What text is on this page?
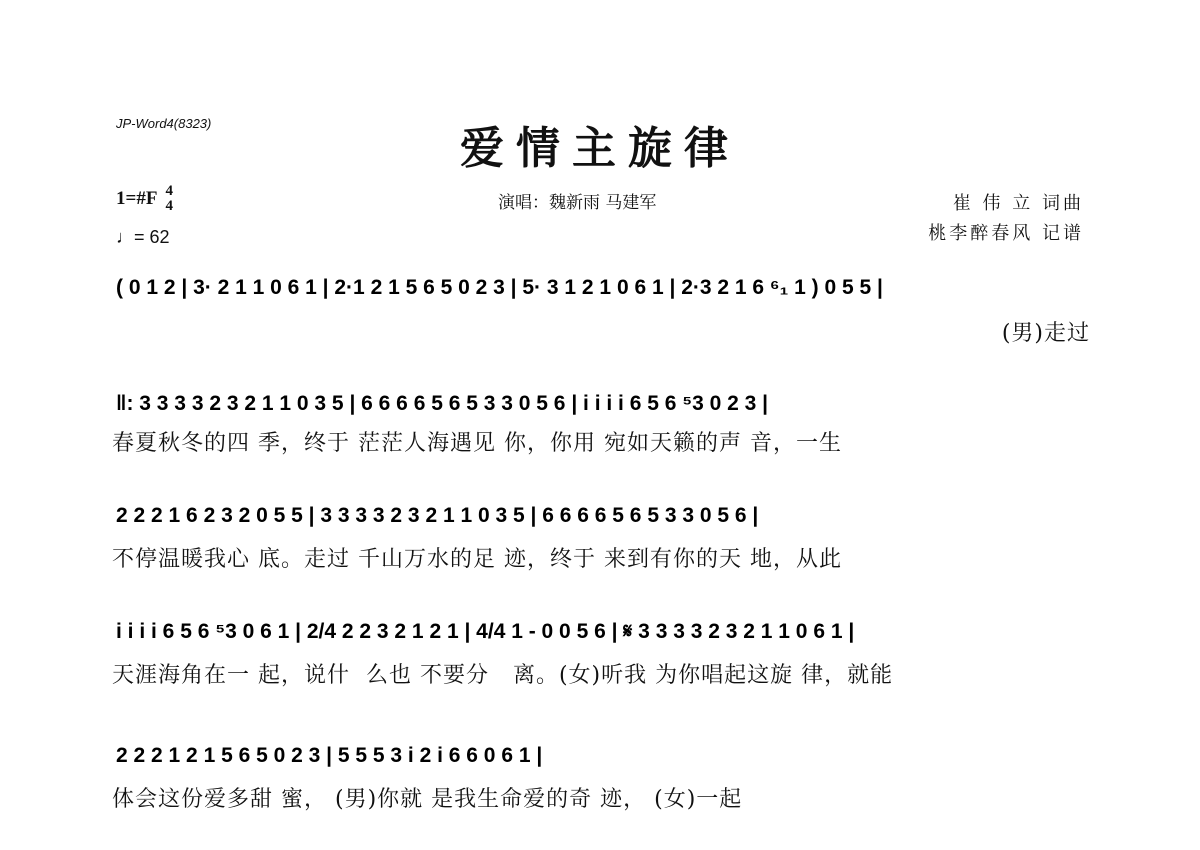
JP-Word4(8323)	爱情主旋律
1=#F 4
4
♩= 62
演唱：魏新雨 马建军	崔 伟 立 词曲
桃李醉春风 记谱
( 0 1 2 | 3· 2 1 1 0 6 1 | 2·1 2 1 5 6 5 0 2 3 | 5· 3 1 2 1 0 6 1 | 2·3 2 1 6 ⁶₁ 1 ) 0 5 5 |
(男)走过
‖: 3 3 3 3 2 3 2 1 1 0 3 5 | 6 6 6 6 5 6 5 3 3 0 5 6 | i i i i 6 5 6 ⁵3 0 2 3 |
春夏秋冬的四 季，终于 茫茫人海遇见 你，你用 宛如天籁的声 音，一生
2 2 2 1 6 2 3 2 0 5 5 | 3 3 3 3 2 3 2 1 1 0 3 5 | 6 6 6 6 5 6 5 3 3 0 5 6 |
不停温暖我心 底。走过 千山万水的足 迹，终于 来到有你的天 地，从此
i i i i 6 5 6 ⁵3 0 6 1 | 2/4 2 2 3 2 1 2 1 | 4/4 1 - 0 0 5 6 | 𝄋 3 3 3 3 2 3 2 1 1 0 6 1 |
天涯海角在一 起，说什  么也 不要分   离。(女)听我 为你唱起这旋 律，就能
2 2 2 1 2 1 5 6 5 0 2 3 | 5 5 5 3 i 2 i 6 6 0 6 1 |
体会这份爱多甜 蜜， (男)你就 是我生命爱的奇 迹， (女)一起
